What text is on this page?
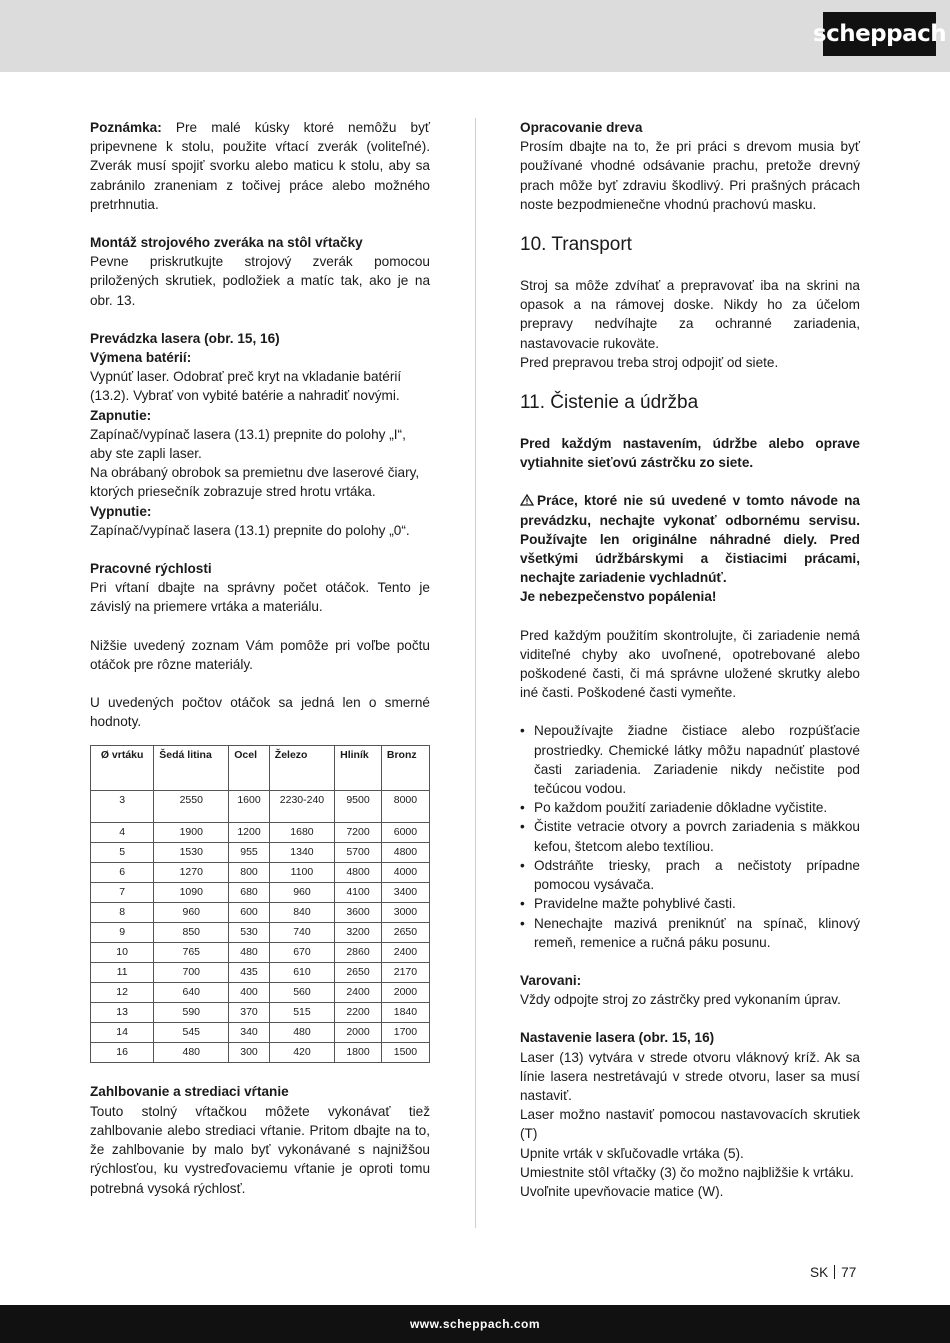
scheppach

Poznámka: Pre malé kúsky ktoré nemôžu byť pripevnene k stolu, použite vŕtací zverák (voliteľné). Zverák musí spojiť svorku alebo maticu k stolu, aby sa zabránilo zraneniam z točivej práce alebo možného pretrhnutia.

Montáž strojového zveráka na stôl vŕtačky

Pevne priskrutkujte strojový zverák pomocou priložených skrutiek, podložiek a matíc tak, ako je na obr. 13.

Prevádzka lasera (obr. 15, 16)

Výmena batérií:

Vypnúť laser. Odobrať preč kryt na vkladanie batérií (13.2). Vybrať von vybité batérie a nahradiť novými.

Zapnutie:

Zapínač/vypínač lasera (13.1) prepnite do polohy „I“, aby ste zapli laser.

Na obrábaný obrobok sa premietnu dve laserové čiary, ktorých priesečník zobrazuje stred hrotu vrtáka.

Vypnutie:

Zapínač/vypínač lasera (13.1) prepnite do polohy „0“.

Pracovné rýchlosti

Pri vŕtaní dbajte na správny počet otáčok. Tento je závislý na priemere vrtáka a materiálu.

Nižšie uvedený zoznam Vám pomôže pri voľbe počtu otáčok pre rôzne materiály.

U uvedených počtov otáčok sa jedná len o smerné hodnoty.

Ø vrtáku	Šedá litina	Ocel	Železo	Hliník	Bronz
3	2550	1600	2230-240	9500	8000
4	1900	1200	1680	7200	6000
5	1530	955	1340	5700	4800
6	1270	800	1100	4800	4000
7	1090	680	960	4100	3400
8	960	600	840	3600	3000
9	850	530	740	3200	2650
10	765	480	670	2860	2400
11	700	435	610	2650	2170
12	640	400	560	2400	2000
13	590	370	515	2200	1840
14	545	340	480	2000	1700
16	480	300	420	1800	1500

Zahlbovanie a strediaci vŕtanie

Touto stolný vŕtačkou môžete vykonávať tiež zahlbovanie alebo strediaci vŕtanie. Pritom dbajte na to, že zahlbovanie by malo byť vykonávané s najnižšou rýchlosťou, ku vystreďovaciemu vŕtanie je oproti tomu potrebná vysoká rýchlosť.

Opracovanie dreva

Prosím dbajte na to, že pri práci s drevom musia byť používané vhodné odsávanie prachu, pretože drevný prach môže byť zdraviu škodlivý. Pri prašných prácach noste bezpodmienečne vhodnú prachovú masku.

10. Transport

Stroj sa môže zdvíhať a prepravovať iba na skrini na opasok a na rámovej doske. Nikdy ho za účelom prepravy nedvíhajte za ochranné zariadenia, nastavovacie rukoväte.

Pred prepravou treba stroj odpojiť od siete.

11. Čistenie a údržba

Pred každým nastavením, údržbe alebo oprave vytiahnite sieťovú zástrčku zo siete.

Práce, ktoré nie sú uvedené v tomto návode na prevádzku, nechajte vykonať odbornému servisu. Používajte len originálne náhradné diely. Pred všetkými údržbárskymi a čistiacimi prácami, nechajte zariadenie vychladnúť.

Je nebezpečenstvo popálenia!

Pred každým použitím skontrolujte, či zariadenie nemá viditeľné chyby ako uvoľnené, opotrebované alebo poškodené časti, či má správne uložené skrutky alebo iné časti. Poškodené časti vymeňte.

• Nepoužívajte žiadne čistiace alebo rozpúšťacie prostriedky. Chemické látky môžu napadnúť plastové časti zariadenia. Zariadenie nikdy nečistite pod tečúcou vodou.
• Po každom použití zariadenie dôkladne vyčistite.
• Čistite vetracie otvory a povrch zariadenia s mäkkou kefou, štetcom alebo textíliou.
• Odstráňte triesky, prach a nečistoty prípadne pomocou vysávača.
• Pravidelne mažte pohyblivé časti.
• Nenechajte mazivá preniknúť na spínač, klinový remeň, remenice a ručná páku posunu.

Varovani:

Vždy odpojte stroj zo zástrčky pred vykonaním úprav.

Nastavenie lasera (obr. 15, 16)

Laser (13) vytvára v strede otvoru vláknový kríž. Ak sa línie lasera nestretávajú v strede otvoru, laser sa musí nastaviť.

Laser možno nastaviť pomocou nastavovacích skrutiek (T)

Upnite vrták v skľučovadle vrtáka (5).

Umiestnite stôl vŕtačky (3) čo možno najbližšie k vrtáku.

Uvoľnite upevňovacie matice (W).

SK 77
www.scheppach.com
